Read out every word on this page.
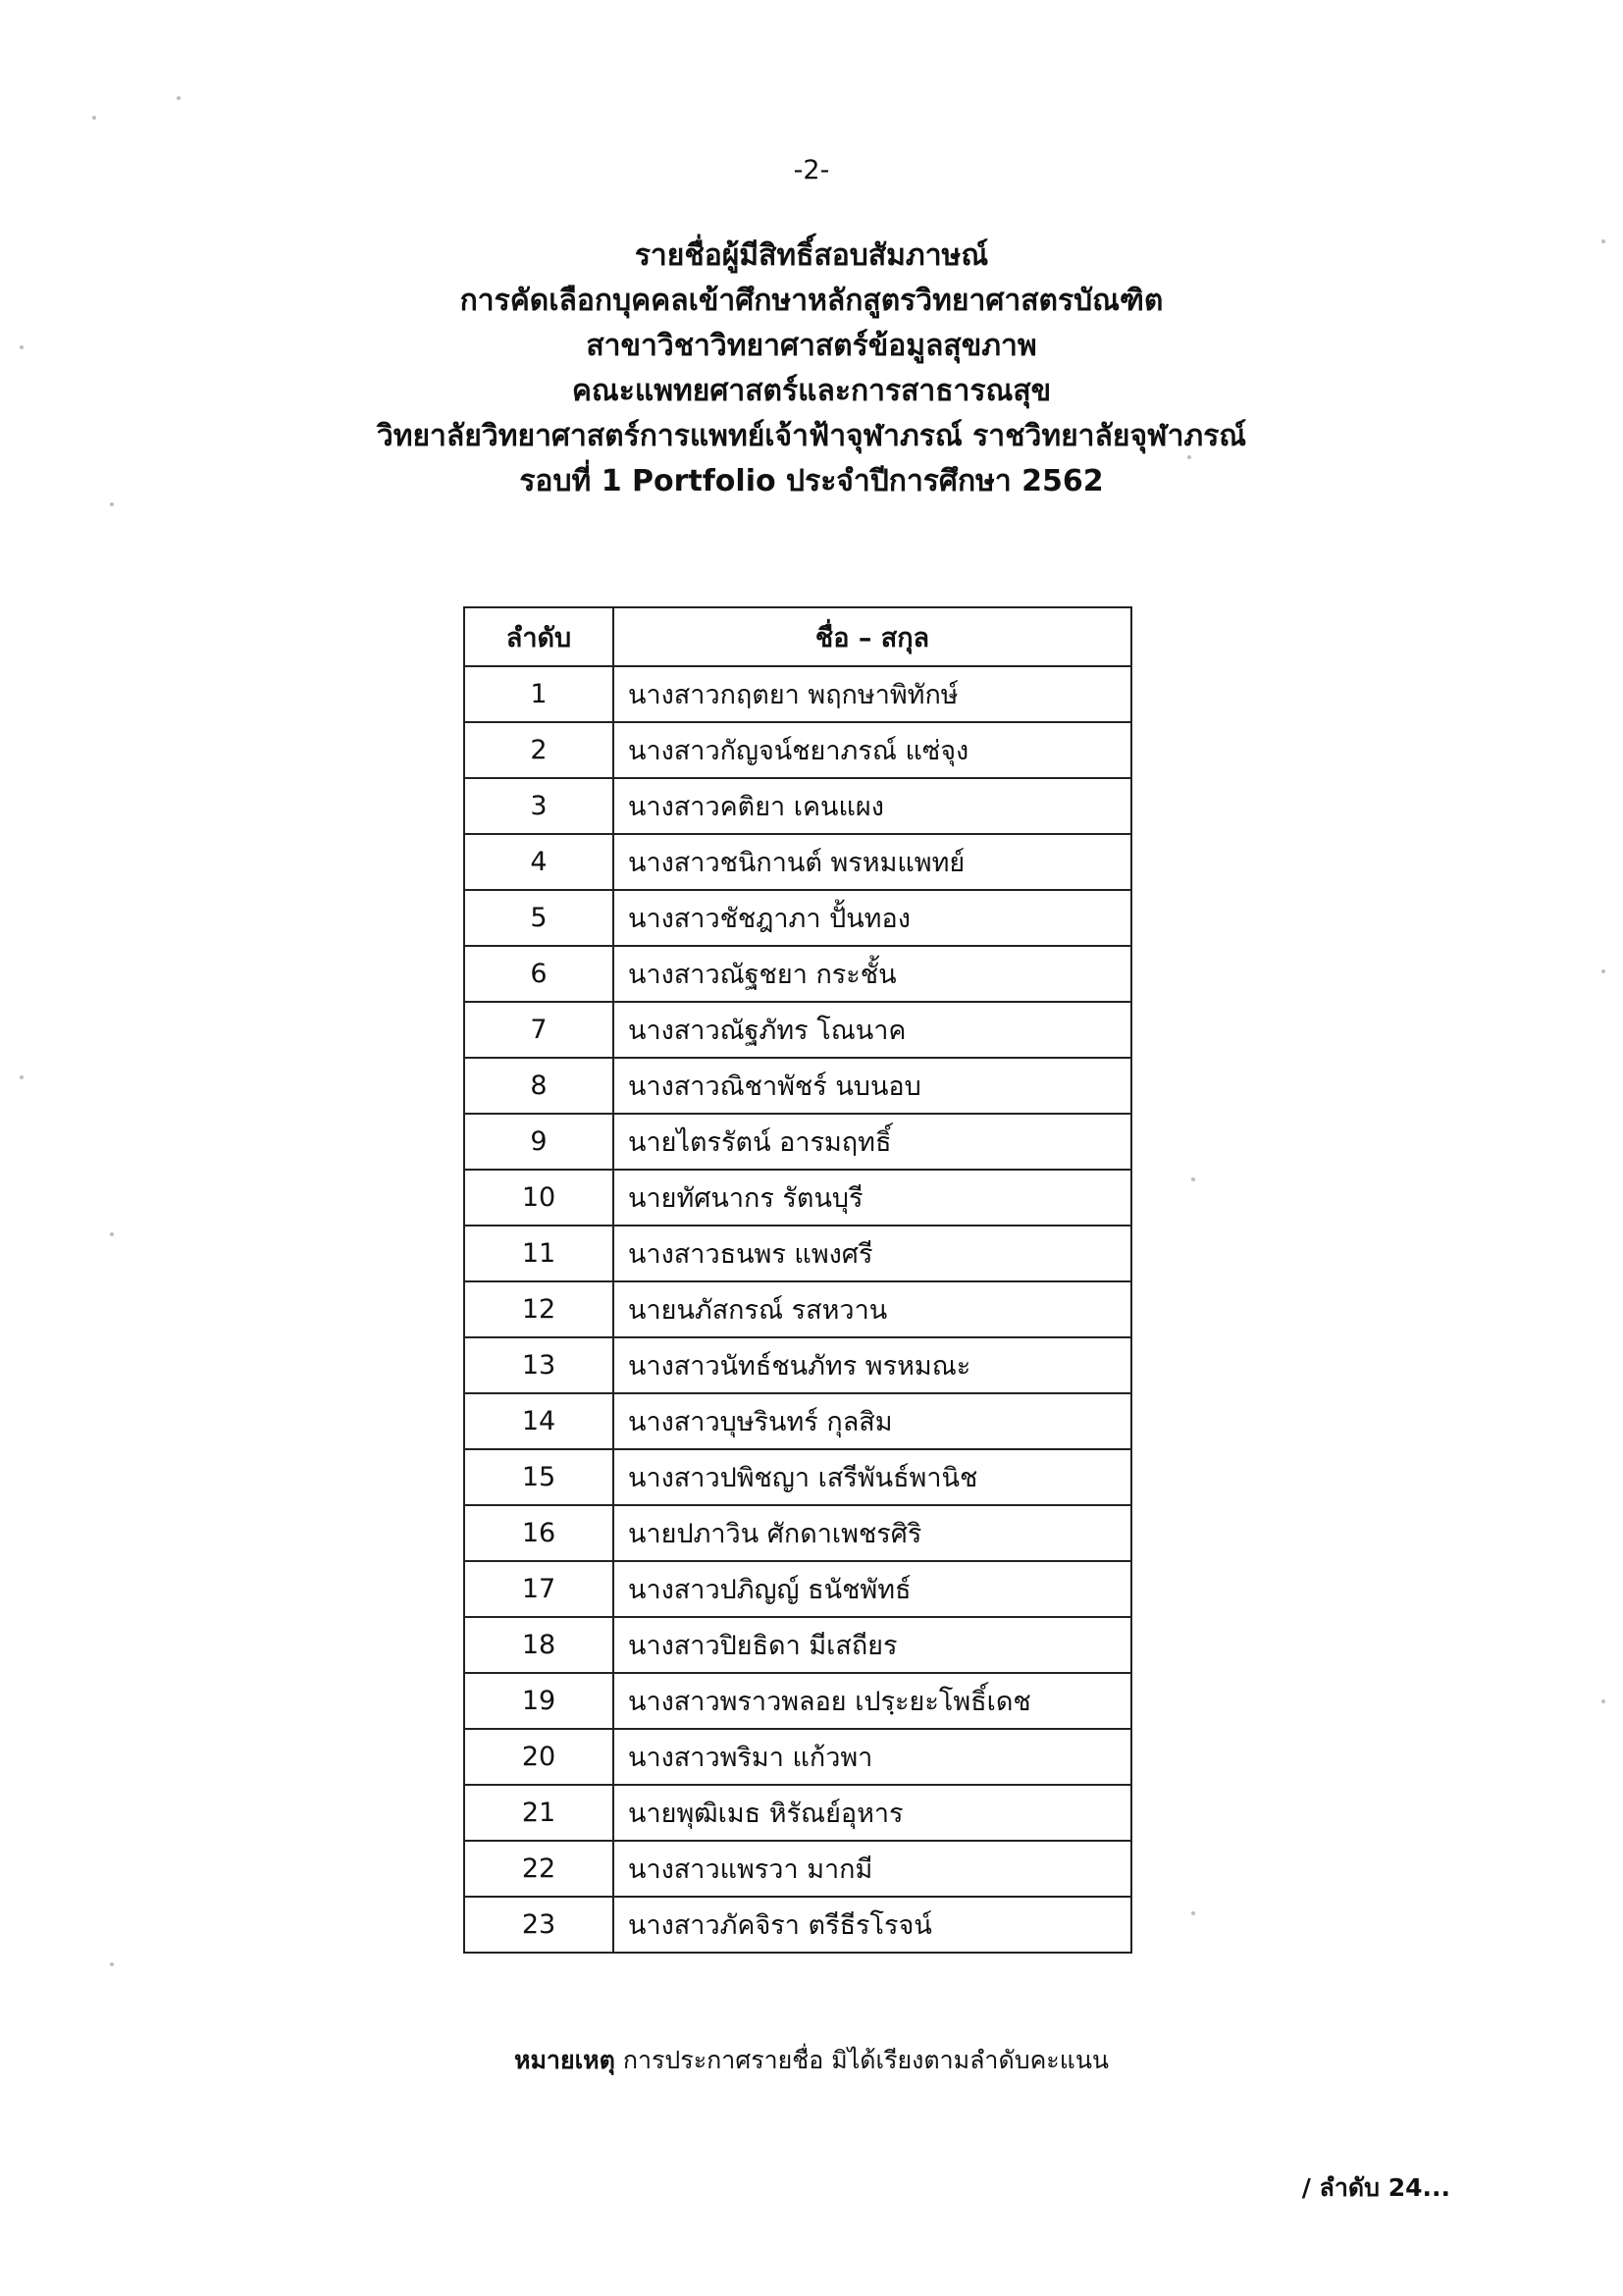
-2-

รายชื่อผู้มีสิทธิ์สอบสัมภาษณ์

การคัดเลือกบุคคลเข้าศึกษาหลักสูตรวิทยาศาสตรบัณฑิต

สาขาวิชาวิทยาศาสตร์ข้อมูลสุขภาพ

คณะแพทยศาสตร์และการสาธารณสุข

วิทยาลัยวิทยาศาสตร์การแพทย์เจ้าฟ้าจุฬาภรณ์ ราชวิทยาลัยจุฬาภรณ์

รอบที่ 1 Portfolio ประจำปีการศึกษา 2562

ลำดับ	ชื่อ – สกุล
1	นางสาวกฤตยา พฤกษาพิทักษ์
2	นางสาวกัญจน์ชยาภรณ์ แซ่จุง
3	นางสาวคติยา เคนแผง
4	นางสาวชนิกานต์ พรหมแพทย์
5	นางสาวชัชฎาภา ปั้นทอง
6	นางสาวณัฐชยา กระชั้น
7	นางสาวณัฐภัทร โณนาค
8	นางสาวณิชาพัชร์ นบนอบ
9	นายไตรรัตน์ อารมฤทธิ์
10	นายทัศนากร รัตนบุรี
11	นางสาวธนพร แพงศรี
12	นายนภัสกรณ์ รสหวาน
13	นางสาวนัทธ์ชนภัทร พรหมณะ
14	นางสาวบุษรินทร์ กุลสิม
15	นางสาวปพิชญา เสรีพันธ์พานิช
16	นายปภาวิน ศักดาเพชรศิริ
17	นางสาวปภิญญ์ ธนัชพัทธ์
18	นางสาวปิยธิดา มีเสถียร
19	นางสาวพราวพลอย เปรฺะยะโพธิ์เดช
20	นางสาวพริมา แก้วพา
21	นายพุฒิเมธ หิรัณย์อุหาร
22	นางสาวแพรวา มากมี
23	นางสาวภัคจิรา ตรีธีรโรจน์
หมายเหตุ การประกาศรายชื่อ มิได้เรียงตามลำดับคะแนน
/ ลำดับ 24...
